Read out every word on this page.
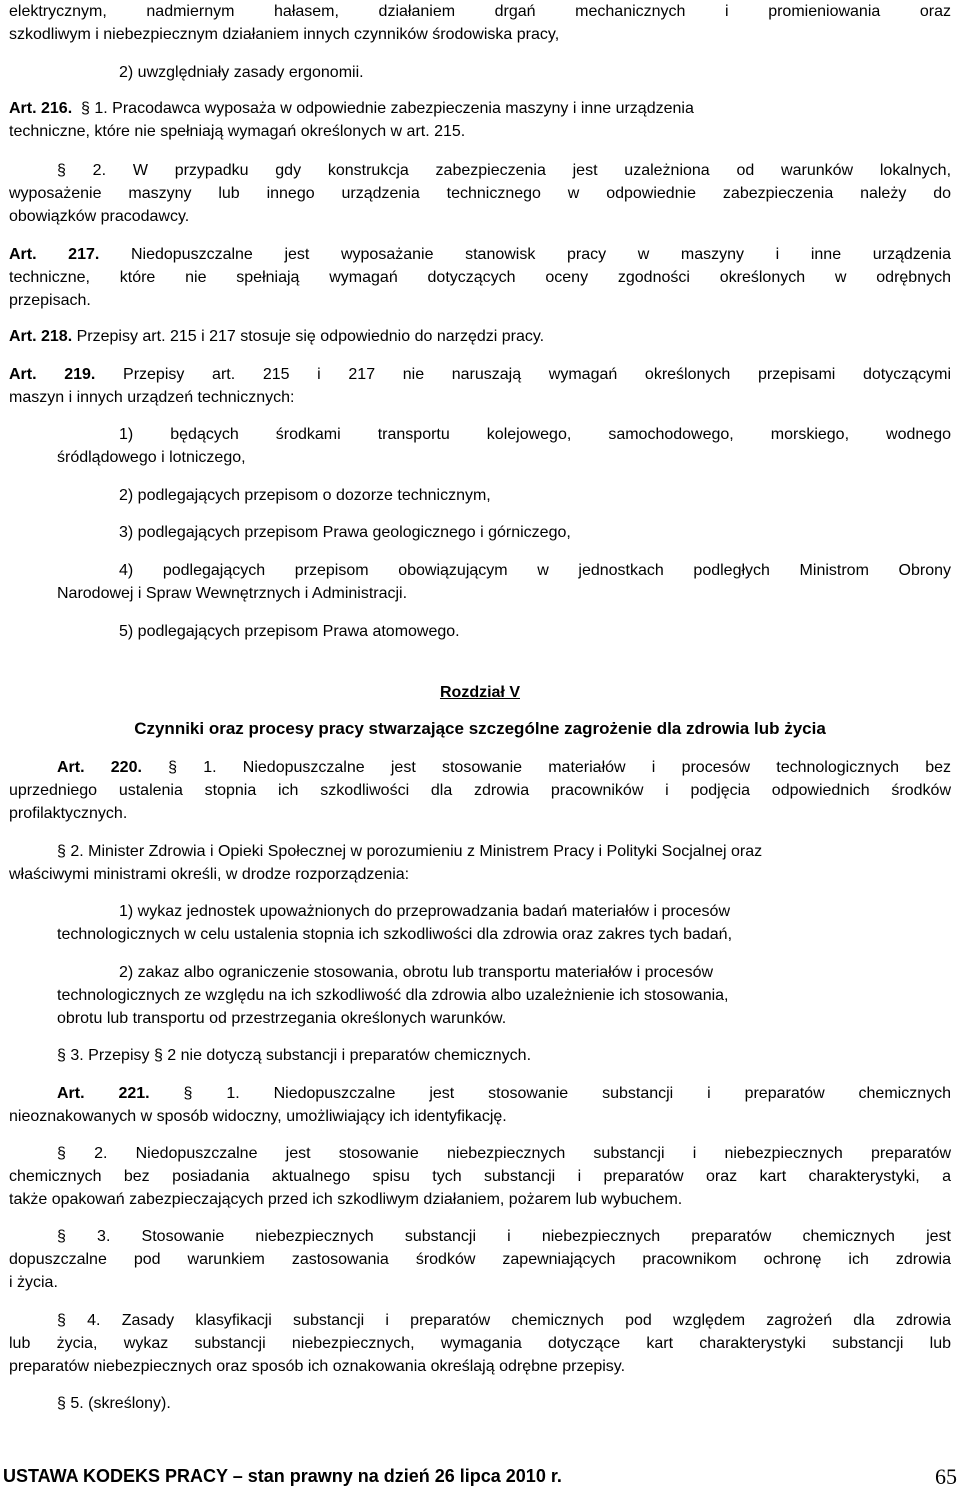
elektrycznym, nadmiernym hałasem, działaniem drgań mechanicznych i promieniowania oraz
szkodliwym i niebezpiecznym działaniem innych czynników środowiska pracy,
2) uwzględniały zasady ergonomii.
Art. 216. § 1. Pracodawca wyposaża w odpowiednie zabezpieczenia maszyny i inne urządzenia
techniczne, które nie spełniają wymagań określonych w art. 215.
§ 2. W przypadku gdy konstrukcja zabezpieczenia jest uzależniona od warunków lokalnych,
wyposażenie maszyny lub innego urządzenia technicznego w odpowiednie zabezpieczenia należy do
obowiązków pracodawcy.
Art. 217. Niedopuszczalne jest wyposażanie stanowisk pracy w maszyny i inne urządzenia
techniczne, które nie spełniają wymagań dotyczących oceny zgodności określonych w odrębnych
przepisach.
Art. 218. Przepisy art. 215 i 217 stosuje się odpowiednio do narzędzi pracy.
Art. 219. Przepisy art. 215 i 217 nie naruszają wymagań określonych przepisami dotyczącymi
maszyn i innych urządzeń technicznych:
1) będących środkami transportu kolejowego, samochodowego, morskiego, wodnego
śródlądowego i lotniczego,
2) podlegających przepisom o dozorze technicznym,
3) podlegających przepisom Prawa geologicznego i górniczego,
4) podlegających przepisom obowiązującym w jednostkach podległych Ministrom Obrony
Narodowej i Spraw Wewnętrznych i Administracji.
5) podlegających przepisom Prawa atomowego.
Rozdział V
Czynniki oraz procesy pracy stwarzające szczególne zagrożenie dla zdrowia lub życia
Art. 220. § 1. Niedopuszczalne jest stosowanie materiałów i procesów technologicznych bez
uprzedniego ustalenia stopnia ich szkodliwości dla zdrowia pracowników i podjęcia odpowiednich środków
profilaktycznych.
§ 2. Minister Zdrowia i Opieki Społecznej w porozumieniu z Ministrem Pracy i Polityki Socjalnej oraz
właściwymi ministrami określi, w drodze rozporządzenia:
1) wykaz jednostek upoważnionych do przeprowadzania badań materiałów i procesów
technologicznych w celu ustalenia stopnia ich szkodliwości dla zdrowia oraz zakres tych badań,
2) zakaz albo ograniczenie stosowania, obrotu lub transportu materiałów i procesów
technologicznych ze względu na ich szkodliwość dla zdrowia albo uzależnienie ich stosowania,
obrotu lub transportu od przestrzegania określonych warunków.
§ 3. Przepisy § 2 nie dotyczą substancji i preparatów chemicznych.
Art. 221. § 1. Niedopuszczalne jest stosowanie substancji i preparatów chemicznych
nieoznakowanych w sposób widoczny, umożliwiający ich identyfikację.
§ 2. Niedopuszczalne jest stosowanie niebezpiecznych substancji i niebezpiecznych preparatów
chemicznych bez posiadania aktualnego spisu tych substancji i preparatów oraz kart charakterystyki, a
także opakowań zabezpieczających przed ich szkodliwym działaniem, pożarem lub wybuchem.
§ 3. Stosowanie niebezpiecznych substancji i niebezpiecznych preparatów chemicznych jest
dopuszczalne pod warunkiem zastosowania środków zapewniających pracownikom ochronę ich zdrowia
i życia.
§ 4. Zasady klasyfikacji substancji i preparatów chemicznych pod względem zagrożeń dla zdrowia
lub życia, wykaz substancji niebezpiecznych, wymagania dotyczące kart charakterystyki substancji lub
preparatów niebezpiecznych oraz sposób ich oznakowania określają odrębne przepisy.
§ 5. (skreślony).
USTAWA KODEKS PRACY – stan prawny na dzień 26 lipca 2010 r.	65
